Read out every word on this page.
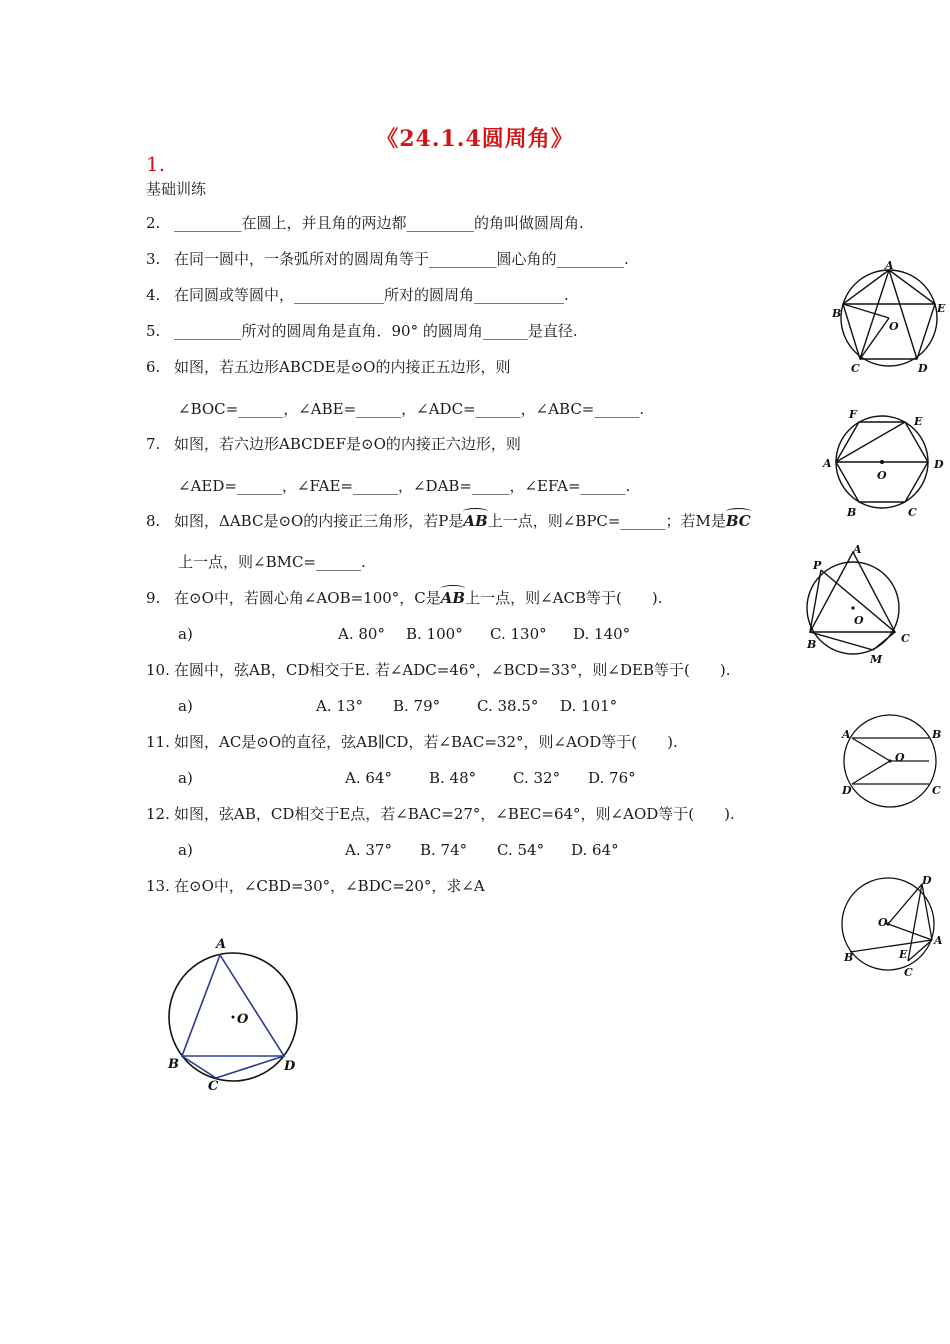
《24.1.4圆周角》
1.
基础训练
2. _________在圆上，并且角的两边都_________的角叫做圆周角.
3. 在同一圆中，一条弧所对的圆周角等于_________圆心角的_________.
4. 在同圆或等圆中，____________所对的圆周角____________.
5. _________所对的圆周角是直角．90° 的圆周角______是直径.
6. 如图，若五边形ABCDE是⊙O的内接正五边形，则
∠BOC=______，∠ABE=______，∠ADC=______，∠ABC=______.
7. 如图，若六边形ABCDEF是⊙O的内接正六边形，则
∠AED=______，∠FAE=______，∠DAB=_____，∠EFA=______.
8. 如图，ΔABC是⊙O的内接正三角形，若P是AB上一点，则∠BPC=______；若M是BC
上一点，则∠BMC=______.
9. 在⊙O中，若圆心角∠AOB=100°，C是AB上一点，则∠ACB等于(　　).
a)	A. 80° B. 100° C. 130° D. 140°
10. 在圆中，弦AB，CD相交于E. 若∠ADC=46°，∠BCD=33°，则∠DEB等于(　　).
a)	A. 13° B. 79° C. 38.5° D. 101°
11. 如图，AC是⊙O的直径，弦AB∥CD，若∠BAC=32°，则∠AOD等于(　　).
a)	A. 64° B. 48° C. 32° D. 76°
12. 如图，弦AB，CD相交于E点，若∠BAC=27°，∠BEC=64°，则∠AOD等于(　　).
a)	A. 37° B. 74° C. 54° D. 64°
13. 在⊙O中，∠CBD=30°，∠BDC=20°，求∠A
A
B
C	D
E
O
A
B	C
D
E
F
O
A
B	C
M
P
O
A	B
C
D
O
A
B
C
D
E
O
A
B
C
D
O
